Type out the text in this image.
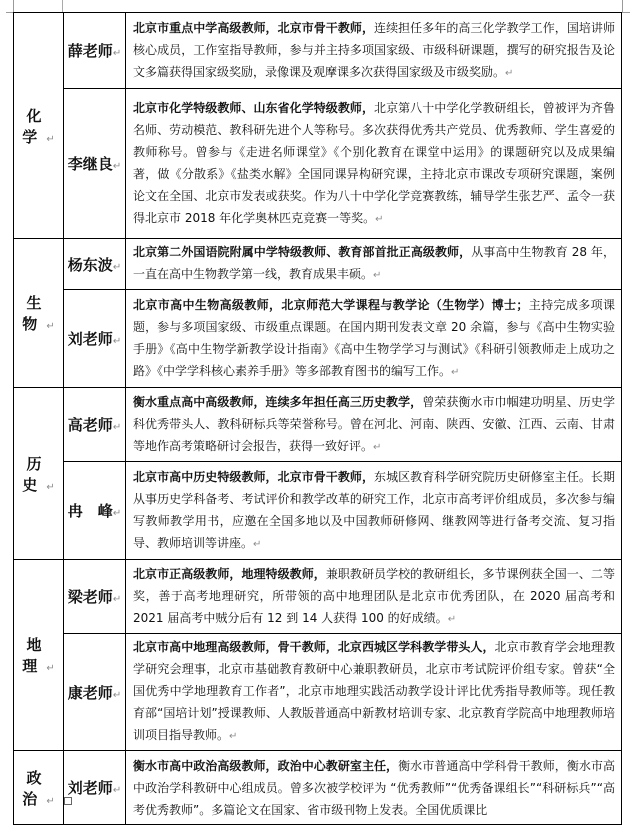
化 学↵	薛老师↵	北京市重点中学高级教师，北京市骨干教师，连续担任多年的高三化学教学工作，国培讲师核心成员，工作室指导教师，参与并主持多项国家级、市级科研课题，撰写的研究报告及论文多篇获得国家级奖励，录像课及观摩课多次获得国家级及市级奖励。↵
	李继良↵	北京市化学特级教师、山东省化学特级教师，北京第八十中学化学教研组长，曾被评为齐鲁名师、劳动模范、教科研先进个人等称号。多次获得优秀共产党员、优秀教师、学生喜爱的教师称号。曾参与《走进名师课堂》《个别化教育在课堂中运用》的课题研究以及成果编著，做《分散系》《盐类水解》全国同课异构研究课，主持北京市课改专项研究课题，案例论文在全国、北京市发表或获奖。作为八十中学化学竞赛教练，辅导学生张艺严、孟令一获得北京市 2018 年化学奥林匹克竞赛一等奖。↵
生 物↵	杨东波↵	北京第二外国语院附属中学特级教师、教育部首批正高级教师，从事高中生物教育 28 年，一直在高中生物教学第一线，教育成果丰硕。↵
	刘老师↵	北京市高中生物高级教师，北京师范大学课程与教学论（生物学）博士；主持完成多项课题，参与多项国家级、市级重点课题。在国内期刊发表文章 20 余篇，参与《高中生物实验手册》《高中生物学新教学设计指南》《高中生物学学习与测试》《科研引领教师走上成功之路》《中学学科核心素养手册》等多部教育图书的编写工作。↵
历 史↵	高老师↵	衡水重点高中高级教师，连续多年担任高三历史教学，曾荣获衡水市巾帼建功明星、历史学科优秀带头人、教科研标兵等荣誉称号。曾在河北、河南、陕西、安徽、江西、云南、甘肃等地作高考策略研讨会报告，获得一致好评。↵
	冉　峰↵	北京市高中历史特级教师，北京市骨干教师，东城区教育科学研究院历史研修室主任。长期从事历史学科备考、考试评价和教学改革的研究工作，北京市高考评价组成员，多次参与编 写教师教学用书，应邀在全国多地以及中国教师研修网、继教网等进行备考交流、复习指导、教师培训等讲座。↵
地 理↵	梁老师↵	北京市正高级教师，地理特级教师，兼职教研员学校的教研组长，多节课例获全国一、二等奖，善于高考地理研究，所带领的高中地理团队是北京市优秀团队，在 2020 届高考和 2021 届高考中贼分后有 12 到 14 人获得 100 的好成绩。↵
	康老师↵	北京市高中地理高级教师，骨干教师，北京西城区学科教学带头人，北京市教育学会地理教学研究会理事，北京市基础教育教研中心兼职教研员，北京市考试院评价组专家。曾获“全国优秀中学地理教育工作者”，北京市地理实践活动教学设计评比优秀指导教师等。现任教育部“国培计划”授课教师、人教版普通高中新教材培训专家、北京教育学院高中地理教师培训项目指导教师。↵
政 治↵	刘老师↵	衡水市高中政治高级教师，政治中心教研室主任，衡水市普通高中学科骨干教师，衡水市高中政治学科教研中心组成员。曾多次被学校评为 “优秀教师”“优秀备课组长”“科研标兵”“高考优秀教师”。多篇论文在国家、省市级刊物上发表。全国优质课比
